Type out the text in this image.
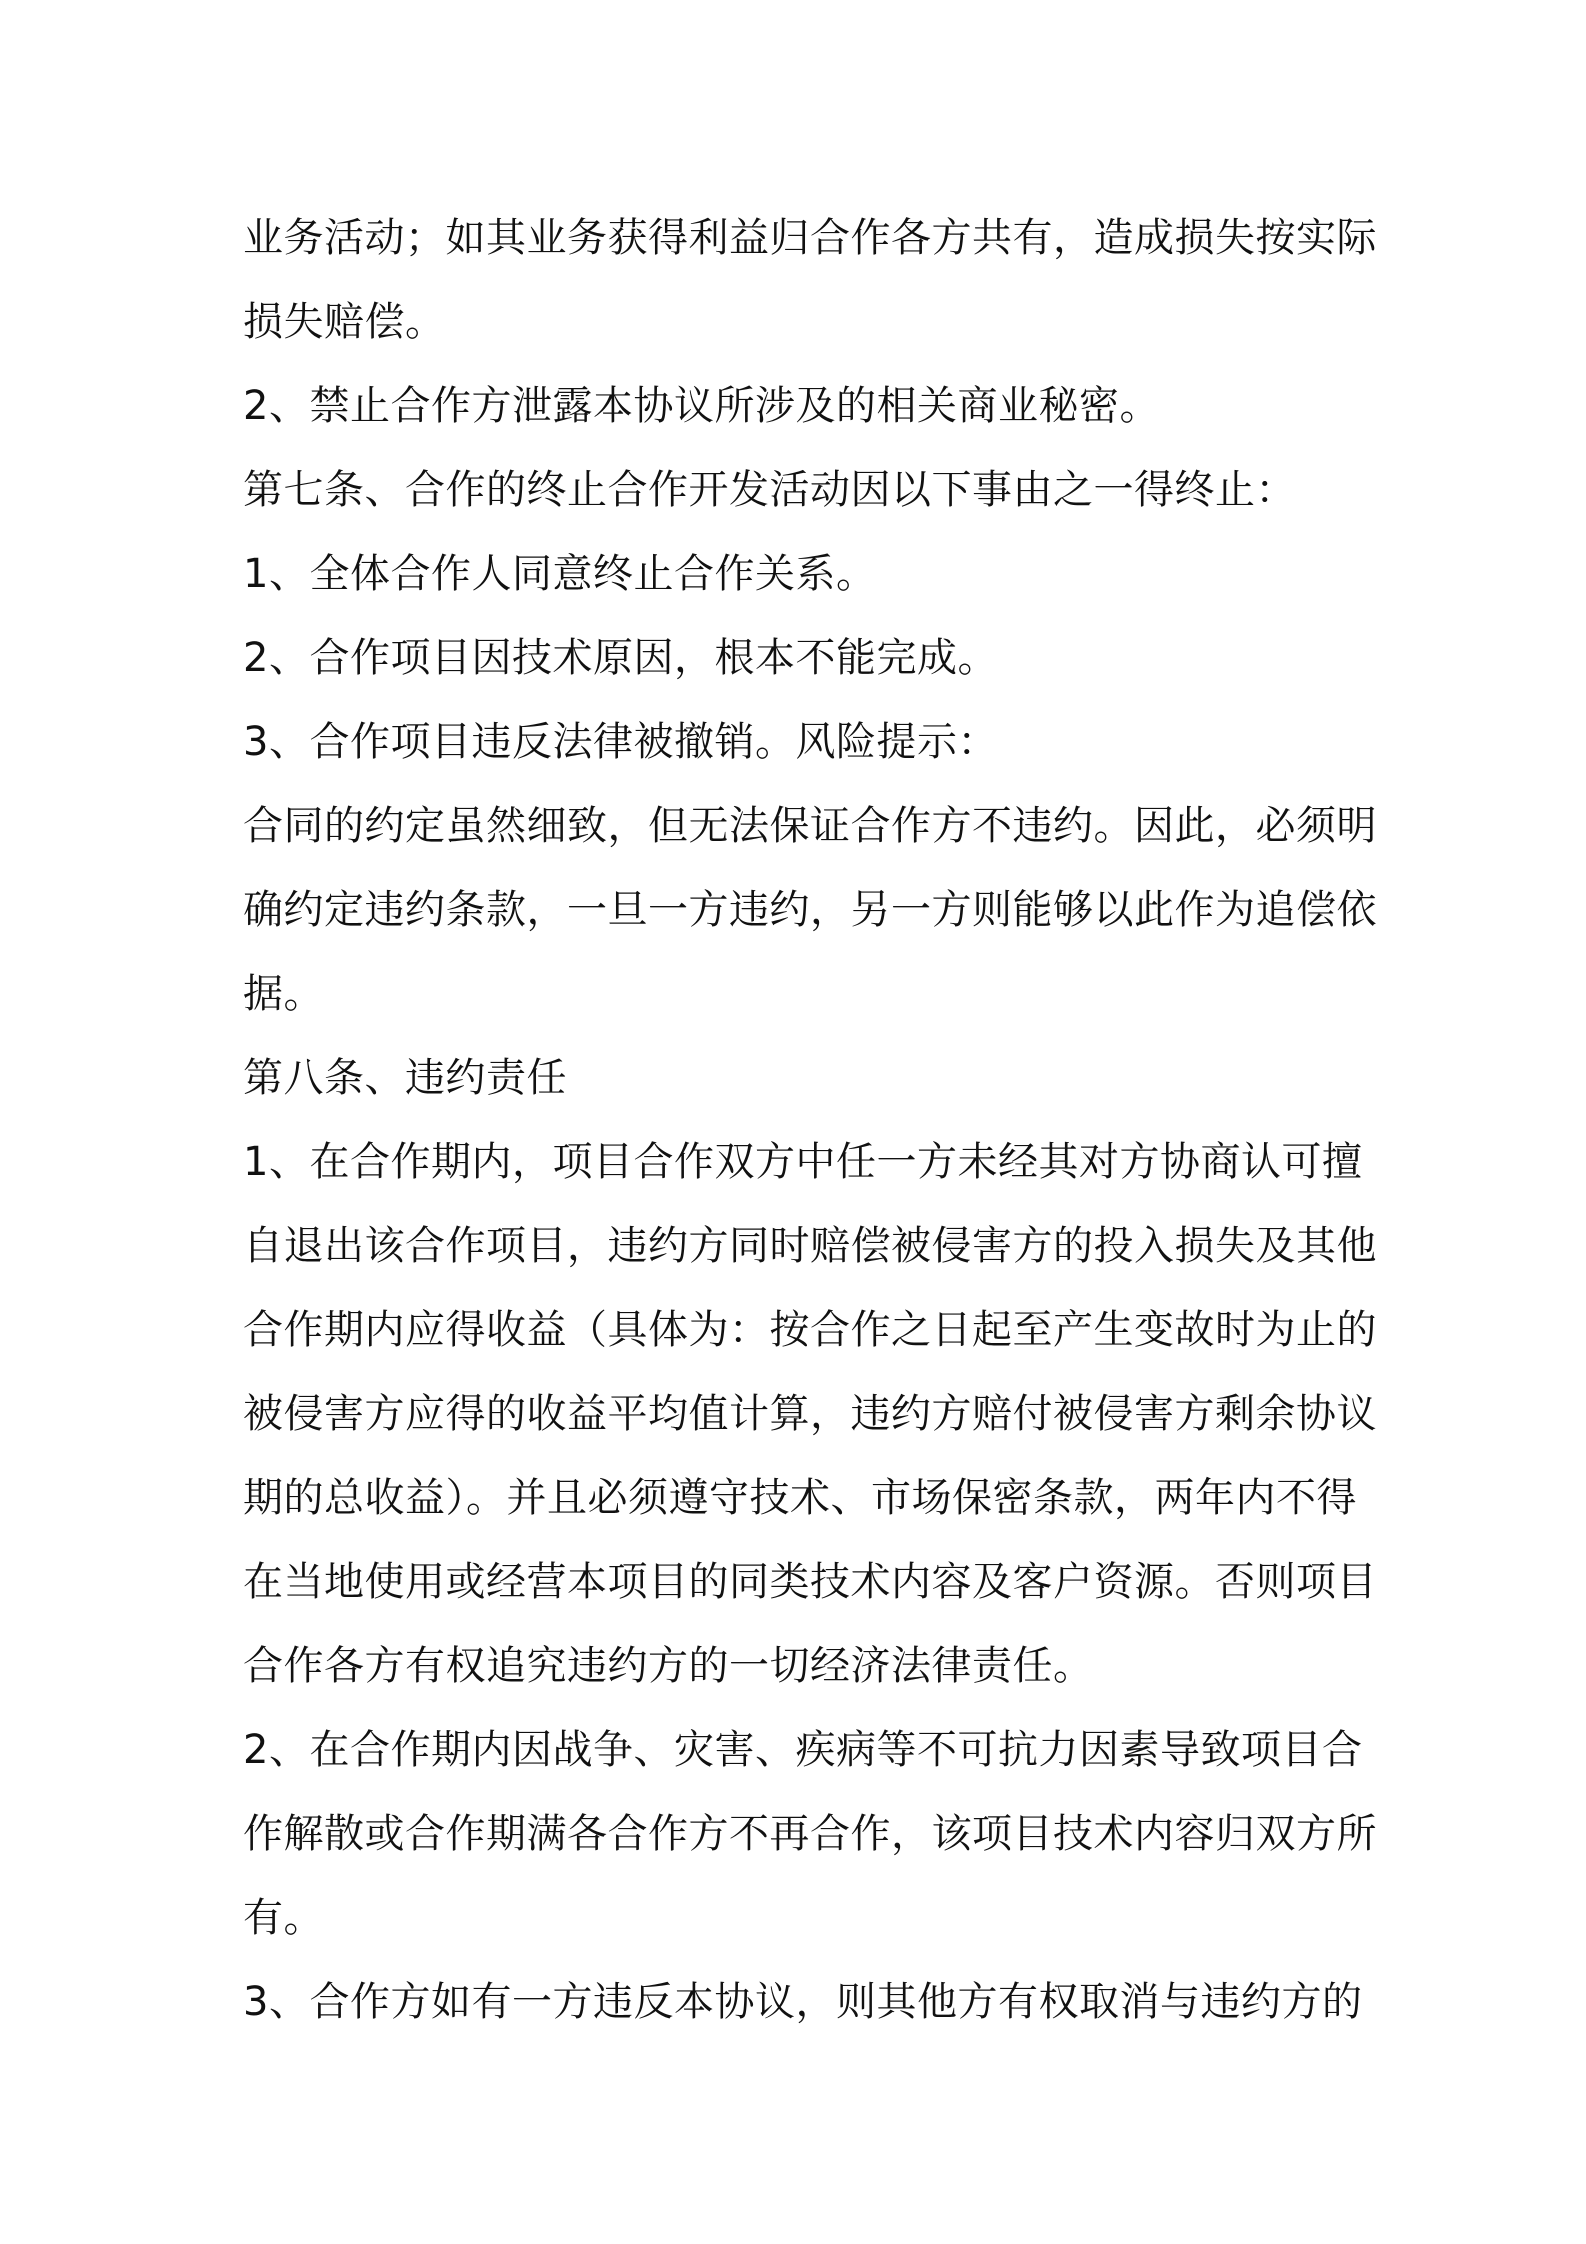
业务活动；如其业务获得利益归合作各方共有，造成损失按实际
损失赔偿。
2、禁止合作方泄露本协议所涉及的相关商业秘密。
第七条、合作的终止合作开发活动因以下事由之一得终止：
1、全体合作人同意终止合作关系。
2、合作项目因技术原因，根本不能完成。
3、合作项目违反法律被撤销。风险提示：
合同的约定虽然细致，但无法保证合作方不违约。因此，必须明
确约定违约条款，一旦一方违约，另一方则能够以此作为追偿依
据。
第八条、违约责任
1、在合作期内，项目合作双方中任一方未经其对方协商认可擅
自退出该合作项目，违约方同时赔偿被侵害方的投入损失及其他
合作期内应得收益（具体为：按合作之日起至产生变故时为止的
被侵害方应得的收益平均值计算，违约方赔付被侵害方剩余协议
期的总收益）。并且必须遵守技术、市场保密条款，两年内不得
在当地使用或经营本项目的同类技术内容及客户资源。否则项目
合作各方有权追究违约方的一切经济法律责任。
2、在合作期内因战争、灾害、疾病等不可抗力因素导致项目合
作解散或合作期满各合作方不再合作，该项目技术内容归双方所
有。
3、合作方如有一方违反本协议，则其他方有权取消与违约方的
